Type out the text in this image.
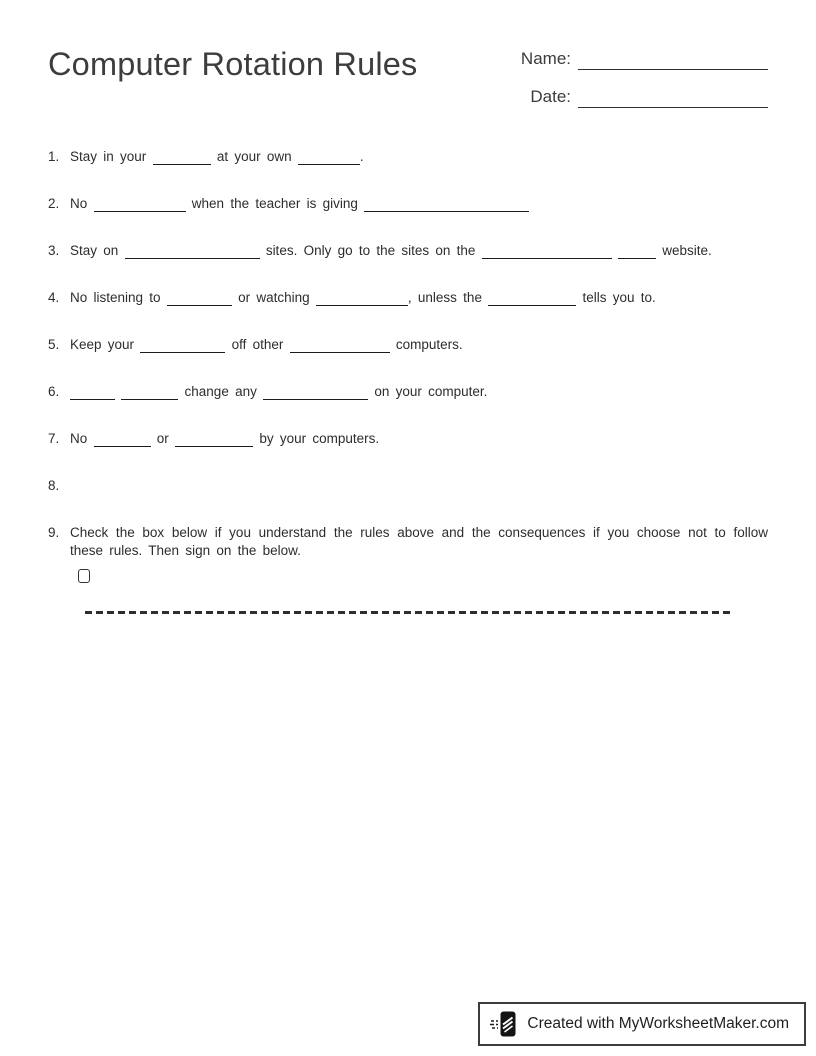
Computer Rotation Rules	Name:
Date:
1. Stay in your	at your own	.
2. No	when the teacher is giving
3. Stay on	sites. Only go to the sites on the	website.
4. No listening to	or watching	, unless the	tells you to.
5. Keep your	off other	computers.
6.	change any	on your computer.
7. No	or	by your computers.
8.
9. Check the box below if you understand the rules above and the consequences if you choose not to follow these rules. Then sign on the below.
Created with MyWorksheetMaker.com
